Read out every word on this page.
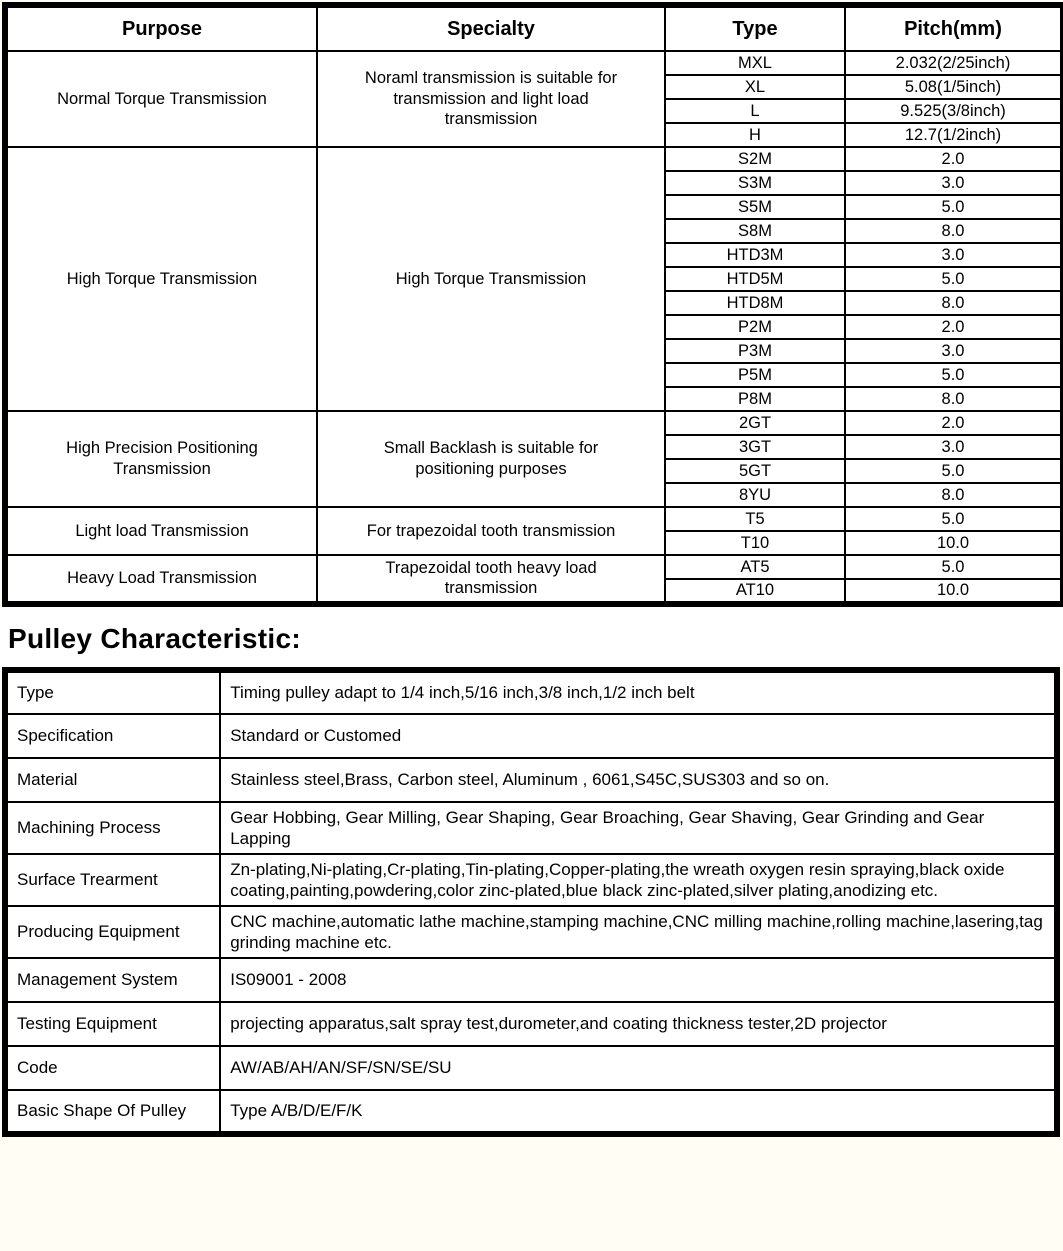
Purpose	Specialty	Type	Pitch(mm)
Normal Torque Transmission	Noraml transmission is suitable for transmission and light load transmission	MXL	2.032(2/25inch)
		XL	5.08(1/5inch)
		L	9.525(3/8inch)
		H	12.7(1/2inch)
High Torque Transmission	High Torque Transmission	S2M	2.0
		S3M	3.0
		S5M	5.0
		S8M	8.0
		HTD3M	3.0
		HTD5M	5.0
		HTD8M	8.0
		P2M	2.0
		P3M	3.0
		P5M	5.0
		P8M	8.0
High Precision Positioning Transmission	Small Backlash is suitable for positioning purposes	2GT	2.0
		3GT	3.0
		5GT	5.0
		8YU	8.0
Light load Transmission	For trapezoidal tooth transmission	T5	5.0
		T10	10.0
Heavy Load Transmission	Trapezoidal tooth heavy load transmission	AT5	5.0
		AT10	10.0
Pulley Characteristic:
Type	Timing pulley adapt to 1/4 inch,5/16 inch,3/8 inch,1/2 inch belt
Specification	Standard or Customed
Material	Stainless steel,Brass, Carbon steel, Aluminum , 6061,S45C,SUS303 and so on.
Machining Process	Gear Hobbing, Gear Milling, Gear Shaping, Gear Broaching, Gear Shaving, Gear Grinding and Gear Lapping
Surface Trearment	Zn-plating,Ni-plating,Cr-plating,Tin-plating,Copper-plating,the wreath oxygen resin spraying,black oxide coating,painting,powdering,color zinc-plated,blue black zinc-plated,silver plating,anodizing etc.
Producing Equipment	CNC machine,automatic lathe machine,stamping machine,CNC milling machine,rolling machine,lasering,tag grinding machine etc.
Management System	IS09001 - 2008
Testing Equipment	projecting apparatus,salt spray test,durometer,and coating thickness tester,2D projector
Code	AW/AB/AH/AN/SF/SN/SE/SU
Basic Shape Of Pulley	Type A/B/D/E/F/K
